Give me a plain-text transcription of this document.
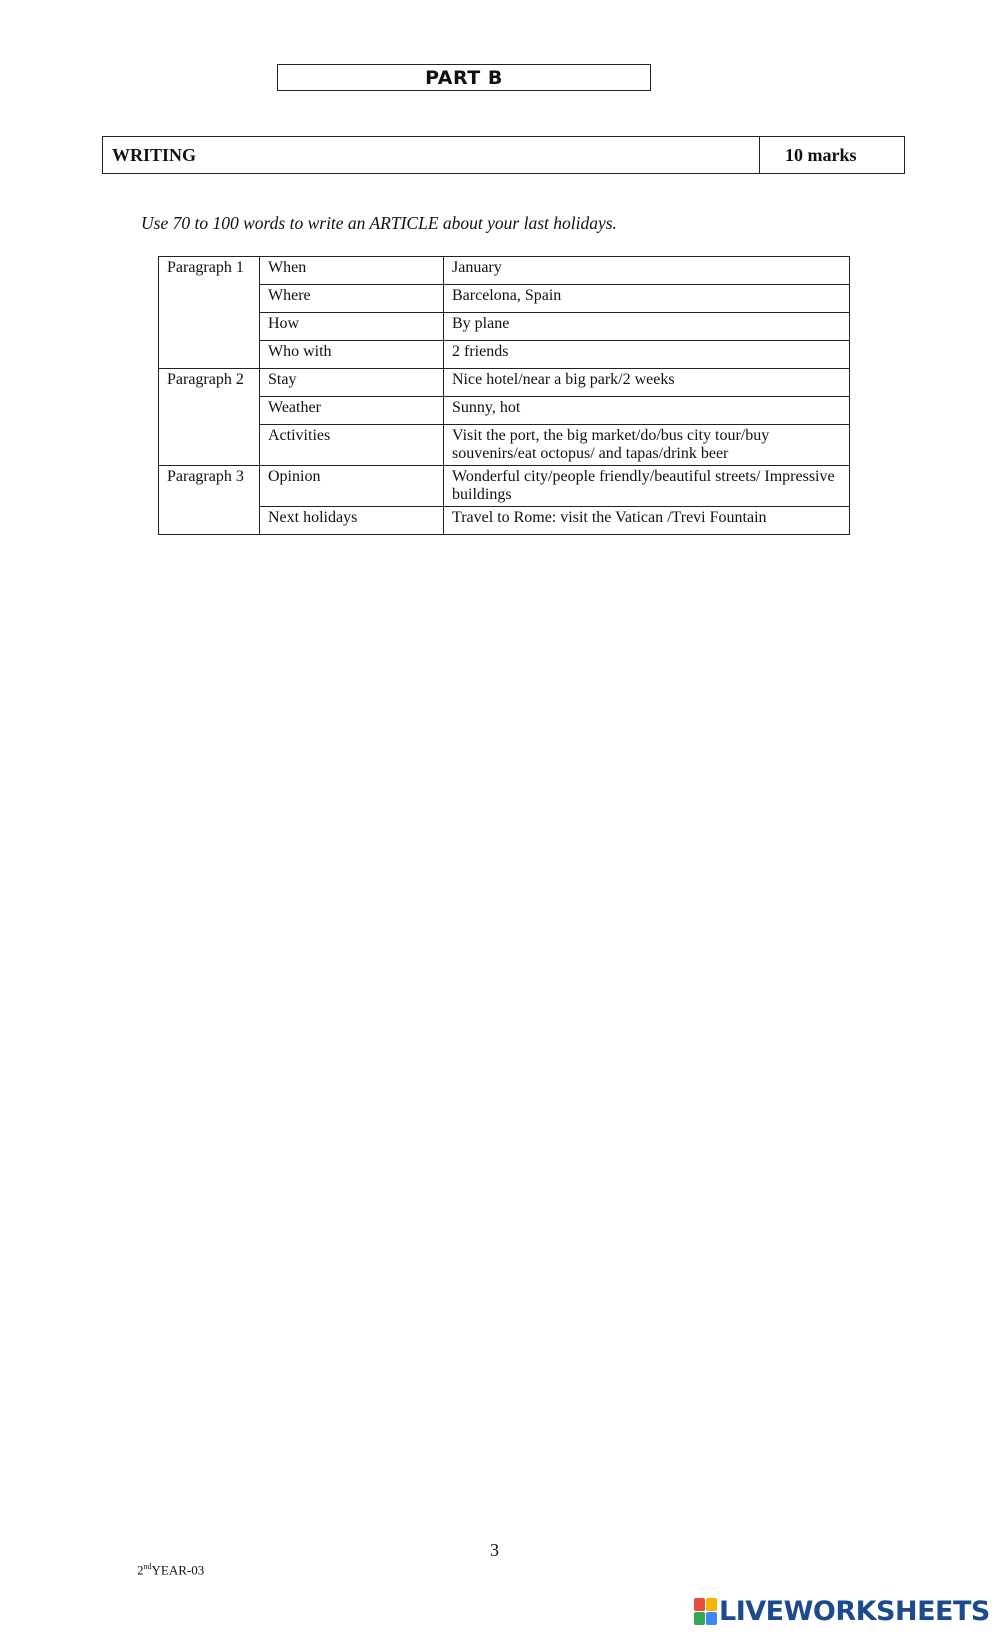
PART B
WRITING	10 marks
Use 70 to 100 words to write an ARTICLE about your last holidays.
Paragraph 1	When	January
	Where	Barcelona, Spain
	How	By plane
	Who with	2 friends
Paragraph 2	Stay	Nice hotel/near a big park/2 weeks
	Weather	Sunny, hot
	Activities	Visit the port, the big market/do/bus city tour/buy souvenirs/eat octopus/ and tapas/drink beer
Paragraph 3	Opinion	Wonderful city/people friendly/beautiful streets/ Impressive buildings
	Next holidays	Travel to Rome: visit the Vatican /Trevi Fountain
3
2ndYEAR-03
LIVEWORKSHEETS
